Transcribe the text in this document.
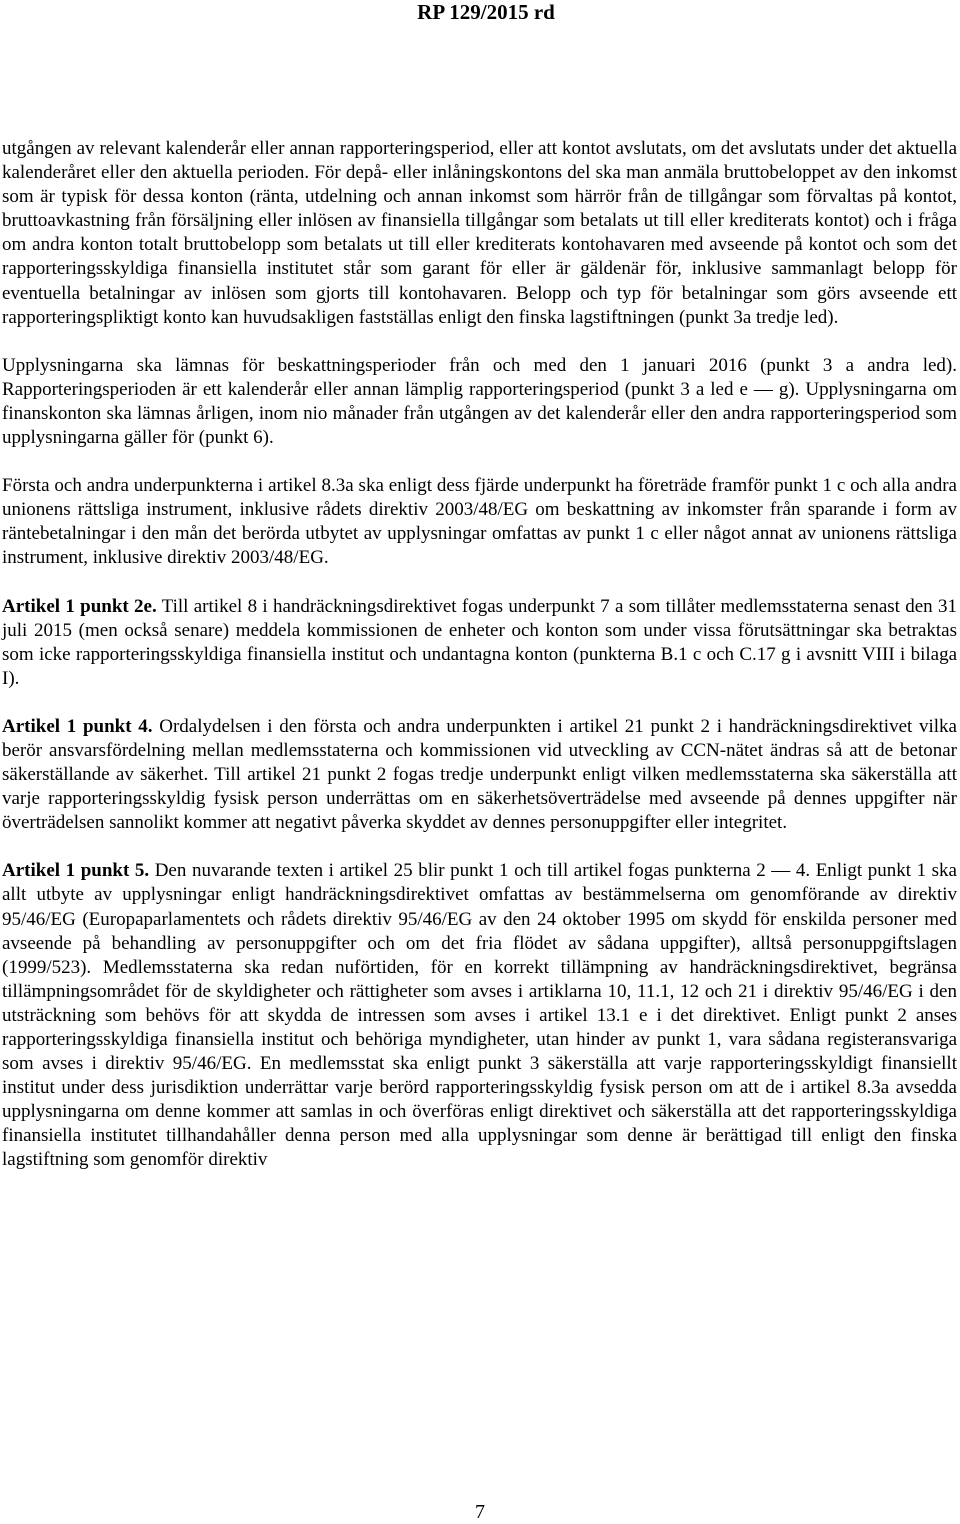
RP 129/2015 rd

utgången av relevant kalenderår eller annan rapporteringsperiod, eller att kontot avslutats, om det avslutats under det aktuella kalenderåret eller den aktuella perioden. För depå- eller inlåningskontons del ska man anmäla bruttobeloppet av den inkomst som är typisk för dessa konton (ränta, utdelning och annan inkomst som härrör från de tillgångar som förvaltas på kontot, bruttoavkastning från försäljning eller inlösen av finansiella tillgångar som betalats ut till eller krediterats kontot) och i fråga om andra konton totalt bruttobelopp som betalats ut till eller krediterats kontohavaren med avseende på kontot och som det rapporteringsskyldiga finansiella institutet står som garant för eller är gäldenär för, inklusive sammanlagt belopp för eventuella betalningar av inlösen som gjorts till kontohavaren. Belopp och typ för betalningar som görs avseende ett rapporteringspliktigt konto kan huvudsakligen fastställas enligt den finska lagstiftningen (punkt 3a tredje led).

Upplysningarna ska lämnas för beskattningsperioder från och med den 1 januari 2016 (punkt 3 a andra led). Rapporteringsperioden är ett kalenderår eller annan lämplig rapporteringsperiod (punkt 3 a led e — g). Upplysningarna om finanskonton ska lämnas årligen, inom nio månader från utgången av det kalenderår eller den andra rapporteringsperiod som upplysningarna gäller för (punkt 6).

Första och andra underpunkterna i artikel 8.3a ska enligt dess fjärde underpunkt ha företräde framför punkt 1 c och alla andra unionens rättsliga instrument, inklusive rådets direktiv 2003/48/EG om beskattning av inkomster från sparande i form av räntebetalningar i den mån det berörda utbytet av upplysningar omfattas av punkt 1 c eller något annat av unionens rättsliga instrument, inklusive direktiv 2003/48/EG.

Artikel 1 punkt 2e. Till artikel 8 i handräckningsdirektivet fogas underpunkt 7 a som tillåter medlemsstaterna senast den 31 juli 2015 (men också senare) meddela kommissionen de enheter och konton som under vissa förutsättningar ska betraktas som icke rapporteringsskyldiga finansiella institut och undantagna konton (punkterna B.1 c och C.17 g i avsnitt VIII i bilaga I).

Artikel 1 punkt 4. Ordalydelsen i den första och andra underpunkten i artikel 21 punkt 2 i handräckningsdirektivet vilka berör ansvarsfördelning mellan medlemsstaterna och kommissionen vid utveckling av CCN-nätet ändras så att de betonar säkerställande av säkerhet. Till artikel 21 punkt 2 fogas tredje underpunkt enligt vilken medlemsstaterna ska säkerställa att varje rapporteringsskyldig fysisk person underrättas om en säkerhetsöverträdelse med avseende på dennes uppgifter när överträdelsen sannolikt kommer att negativt påverka skyddet av dennes personuppgifter eller integritet.

Artikel 1 punkt 5. Den nuvarande texten i artikel 25 blir punkt 1 och till artikel fogas punkterna 2 — 4. Enligt punkt 1 ska allt utbyte av upplysningar enligt handräckningsdirektivet omfattas av bestämmelserna om genomförande av direktiv 95/46/EG (Europaparlamentets och rådets direktiv 95/46/EG av den 24 oktober 1995 om skydd för enskilda personer med avseende på behandling av personuppgifter och om det fria flödet av sådana uppgifter), alltså personuppgiftslagen (1999/523). Medlemsstaterna ska redan nuförtiden, för en korrekt tillämpning av handräckningsdirektivet, begränsa tillämpningsområdet för de skyldigheter och rättigheter som avses i artiklarna 10, 11.1, 12 och 21 i direktiv 95/46/EG i den utsträckning som behövs för att skydda de intressen som avses i artikel 13.1 e i det direktivet. Enligt punkt 2 anses rapporteringsskyldiga finansiella institut och behöriga myndigheter, utan hinder av punkt 1, vara sådana registeransvariga som avses i direktiv 95/46/EG. En medlemsstat ska enligt punkt 3 säkerställa att varje rapporteringsskyldigt finansiellt institut under dess jurisdiktion underrättar varje berörd rapporteringsskyldig fysisk person om att de i artikel 8.3a avsedda upplysningarna om denne kommer att samlas in och överföras enligt direktivet och säkerställa att det rapporteringsskyldiga finansiella institutet tillhandahåller denna person med alla upplysningar som denne är berättigad till enligt den finska lagstiftning som genomför direktiv

7
